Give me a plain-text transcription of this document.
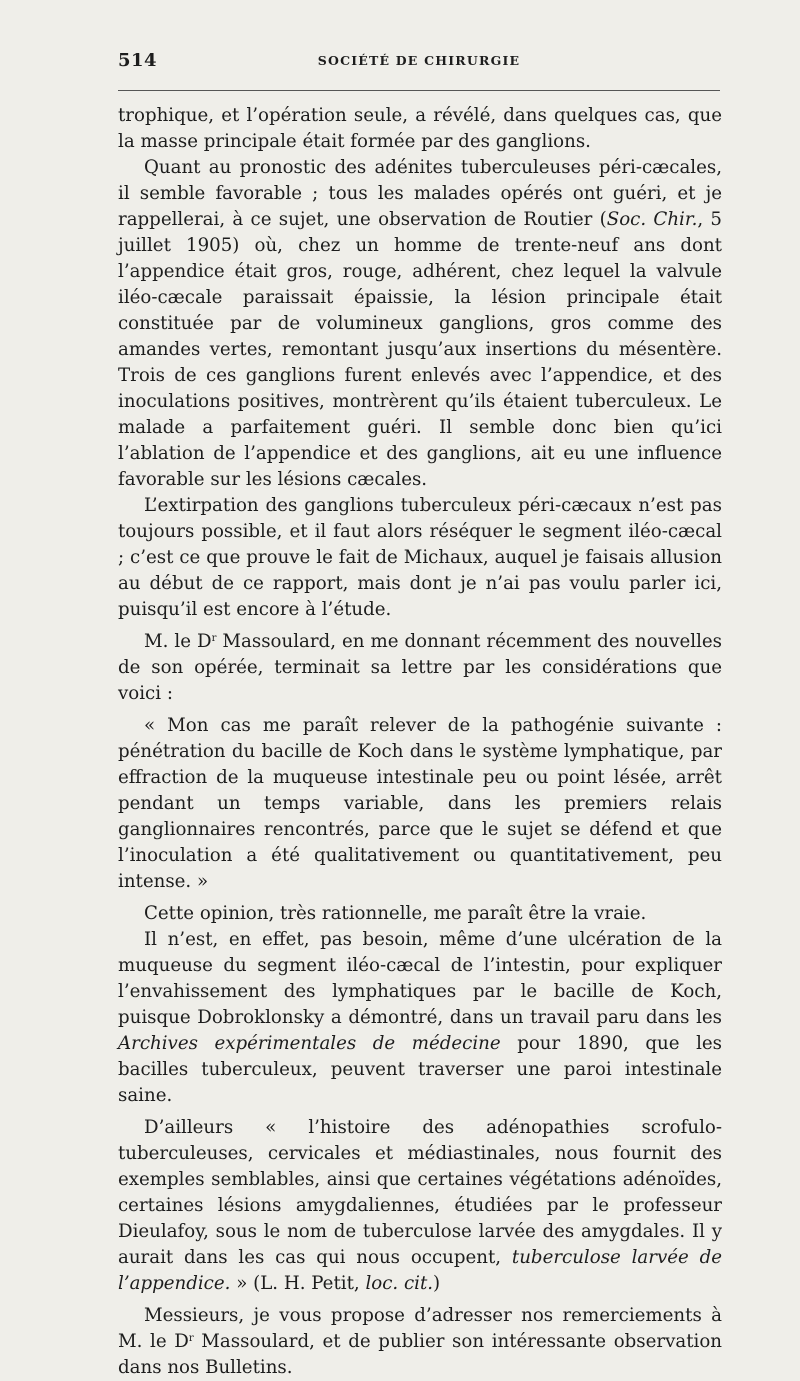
514	SOCIÉTÉ DE CHIRURGIE

trophique, et l’opération seule, a révélé, dans quelques cas, que la masse principale était formée par des ganglions.

Quant au pronostic des adénites tuberculeuses péri-cæcales, il semble favorable ; tous les malades opérés ont guéri, et je rappellerai, à ce sujet, une observation de Routier (Soc. Chir., 5 juillet 1905) où, chez un homme de trente-neuf ans dont l’appendice était gros, rouge, adhérent, chez lequel la valvule iléo-cæcale paraissait épaissie, la lésion principale était constituée par de volumineux ganglions, gros comme des amandes vertes, remontant jusqu’aux insertions du mésentère. Trois de ces ganglions furent enlevés avec l’appendice, et des inoculations positives, montrèrent qu’ils étaient tuberculeux. Le malade a parfaitement guéri. Il semble donc bien qu’ici l’ablation de l’appendice et des ganglions, ait eu une influence favorable sur les lésions cæcales.

L’extirpation des ganglions tuberculeux péri-cæcaux n’est pas toujours possible, et il faut alors réséquer le segment iléo-cæcal ; c’est ce que prouve le fait de Michaux, auquel je faisais allusion au début de ce rapport, mais dont je n’ai pas voulu parler ici, puisqu’il est encore à l’étude.

M. le $D^r$ Massoulard, en me donnant récemment des nouvelles de son opérée, terminait sa lettre par les considérations que voici :

« Mon cas me paraît relever de la pathogénie suivante : pénétration du bacille de Koch dans le système lymphatique, par effraction de la muqueuse intestinale peu ou point lésée, arrêt pendant un temps variable, dans les premiers relais ganglionnaires rencontrés, parce que le sujet se défend et que l’inoculation a été qualitativement ou quantitativement, peu intense. »

Cette opinion, très rationnelle, me paraît être la vraie.

Il n’est, en effet, pas besoin, même d’une ulcération de la muqueuse du segment iléo-cæcal de l’intestin, pour expliquer l’envahissement des lymphatiques par le bacille de Koch, puisque Dobroklonsky a démontré, dans un travail paru dans les Archives expérimentales de médecine pour 1890, que les bacilles tuberculeux, peuvent traverser une paroi intestinale saine.

D’ailleurs « l’histoire des adénopathies scrofulo-tuberculeuses, cervicales et médiastinales, nous fournit des exemples semblables, ainsi que certaines végétations adénoïdes, certaines lésions amygdaliennes, étudiées par le professeur Dieulafoy, sous le nom de tuberculose larvée des amygdales. Il y aurait dans les cas qui nous occupent, tuberculose larvée de l’appendice. » (L. H. Petit, loc. cit.)

Messieurs, je vous propose d’adresser nos remerciements à M. le $D^r$ Massoulard, et de publier son intéressante observation dans nos Bulletins.
